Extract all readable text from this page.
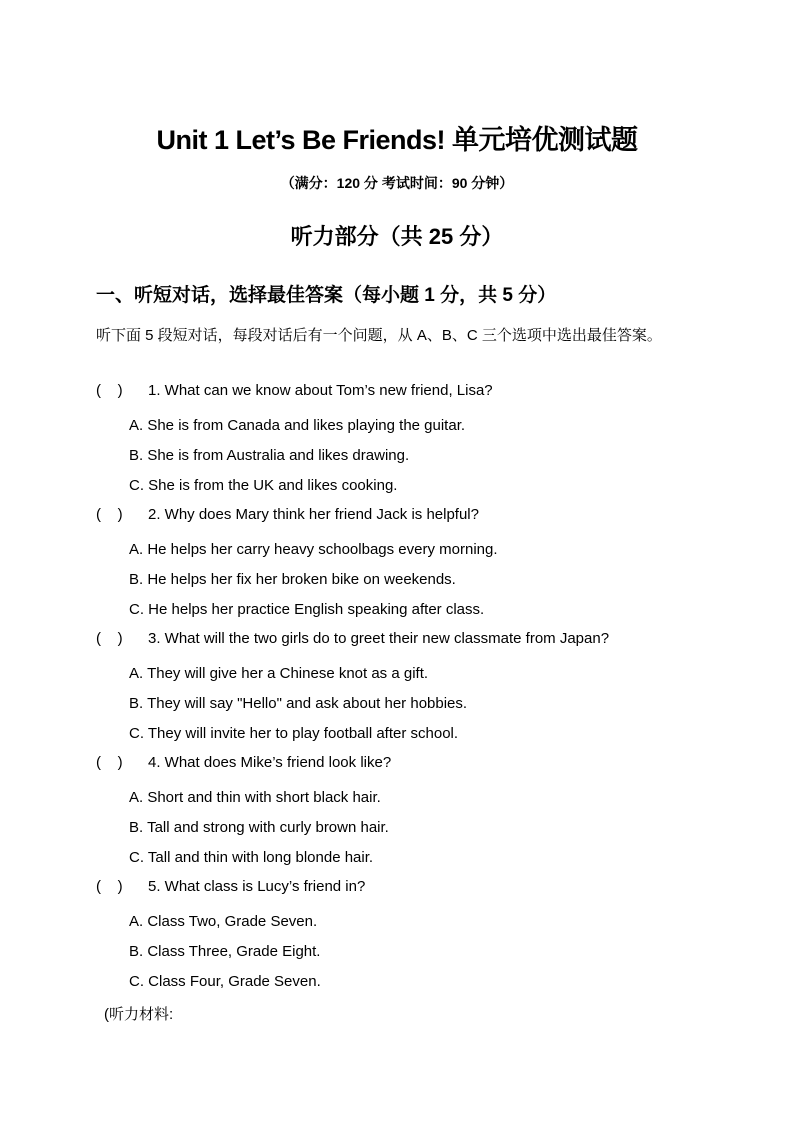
Unit 1 Let’s Be Friends! 单元培优测试题
（满分：120 分 考试时间：90 分钟）
听力部分（共 25 分）
一、听短对话，选择最佳答案（每小题 1 分，共 5 分）
听下面 5 段短对话，每段对话后有一个问题，从 A、B、C 三个选项中选出最佳答案。
(    ) 1. What can we know about Tom’s new friend, Lisa?
A. She is from Canada and likes playing the guitar.
B. She is from Australia and likes drawing.
C. She is from the UK and likes cooking.
(    ) 2. Why does Mary think her friend Jack is helpful?
A. He helps her carry heavy schoolbags every morning.
B. He helps her fix her broken bike on weekends.
C. He helps her practice English speaking after class.
(    ) 3. What will the two girls do to greet their new classmate from Japan?
A. They will give her a Chinese knot as a gift.
B. They will say "Hello" and ask about her hobbies.
C. They will invite her to play football after school.
(    ) 4. What does Mike’s friend look like?
A. Short and thin with short black hair.
B. Tall and strong with curly brown hair.
C. Tall and thin with long blonde hair.
(    ) 5. What class is Lucy’s friend in?
A. Class Two, Grade Seven.
B. Class Three, Grade Eight.
C. Class Four, Grade Seven.
(听力材料:
